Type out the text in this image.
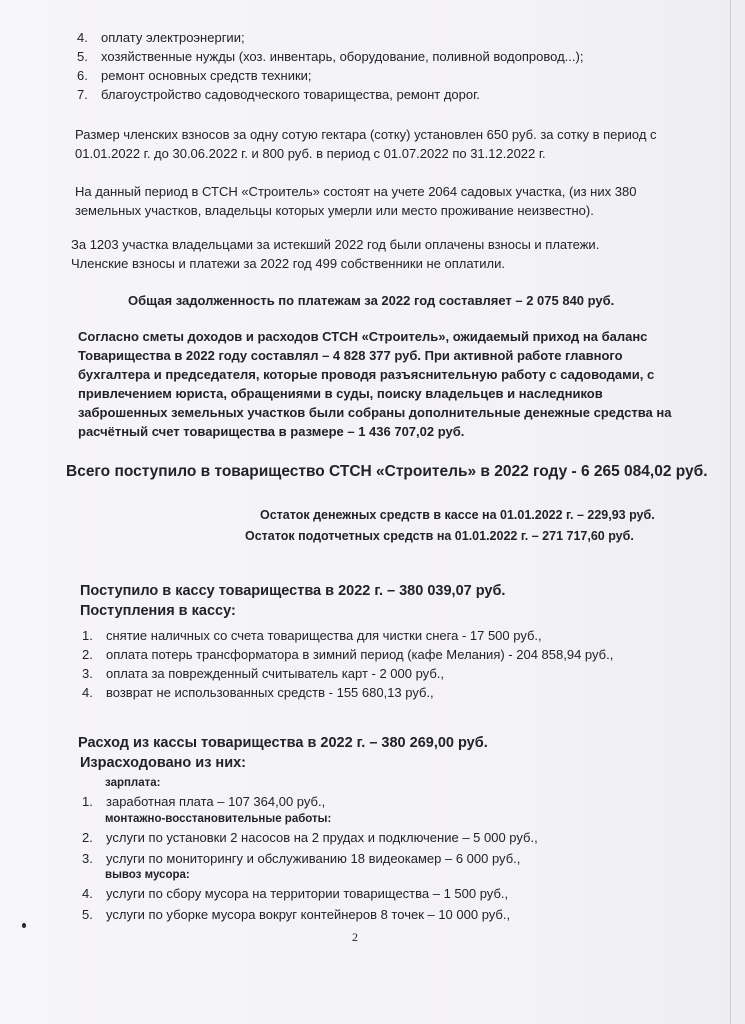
4.	оплату электроэнергии;
5.	хозяйственные нужды (хоз. инвентарь, оборудование, поливной водопровод...);
6.	ремонт основных средств техники;
7.	благоустройство садоводческого товарищества, ремонт дорог.
Размер членских взносов за одну сотую гектара (сотку) установлен 650 руб. за сотку в период с
01.01.2022 г. до 30.06.2022 г. и 800 руб. в период с 01.07.2022 по 31.12.2022 г.
На данный период в СТСН «Строитель» состоят на учете 2064 садовых участка, (из них 380
земельных участков, владельцы которых умерли или место проживание неизвестно).
За 1203 участка владельцами за истекший 2022 год были оплачены взносы и платежи.
Членские взносы и платежи за 2022 год 499 собственники не оплатили.
Общая задолженность по платежам за 2022 год составляет – 2 075 840 руб.
Согласно сметы доходов и расходов СТСН «Строитель», ожидаемый приход на баланс
Товарищества в 2022 году составлял – 4 828 377 руб. При активной работе главного
бухгалтера и председателя, которые проводя разъяснительную работу с садоводами, с
привлечением юриста, обращениями в суды, поиску владельцев и наследников
заброшенных земельных участков были собраны дополнительные денежные средства на
расчётный счет товарищества в размере – 1 436 707,02 руб.
Всего поступило в товарищество СТСН «Строитель» в 2022 году - 6 265 084,02 руб.
Остаток денежных средств в кассе на 01.01.2022 г. – 229,93 руб.
Остаток подотчетных средств на 01.01.2022 г. – 271 717,60 руб.
Поступило в кассу товарищества в 2022 г. – 380 039,07 руб.
Поступления в кассу:
1.	снятие наличных со счета товарищества для чистки снега - 17 500 руб.,
2.	оплата потерь трансформатора в зимний период (кафе Мелания) - 204 858,94 руб.,
3.	оплата за поврежденный считыватель карт - 2 000 руб.,
4.	возврат не использованных средств - 155 680,13 руб.,
Расход из кассы товарищества в 2022 г. – 380 269,00 руб.
Израсходовано из них:
зарплата:
1.	заработная плата – 107 364,00 руб.,
монтажно-восстановительные работы:
2.	услуги по установки 2 насосов на 2 прудах и подключение – 5 000 руб.,
3.	услуги по мониторингу и обслуживанию 18 видеокамер – 6 000 руб.,
вывоз мусора:
4.	услуги по сбору мусора на территории товарищества – 1 500 руб.,
5.	услуги по уборке мусора вокруг контейнеров 8 точек – 10 000 руб.,
2
